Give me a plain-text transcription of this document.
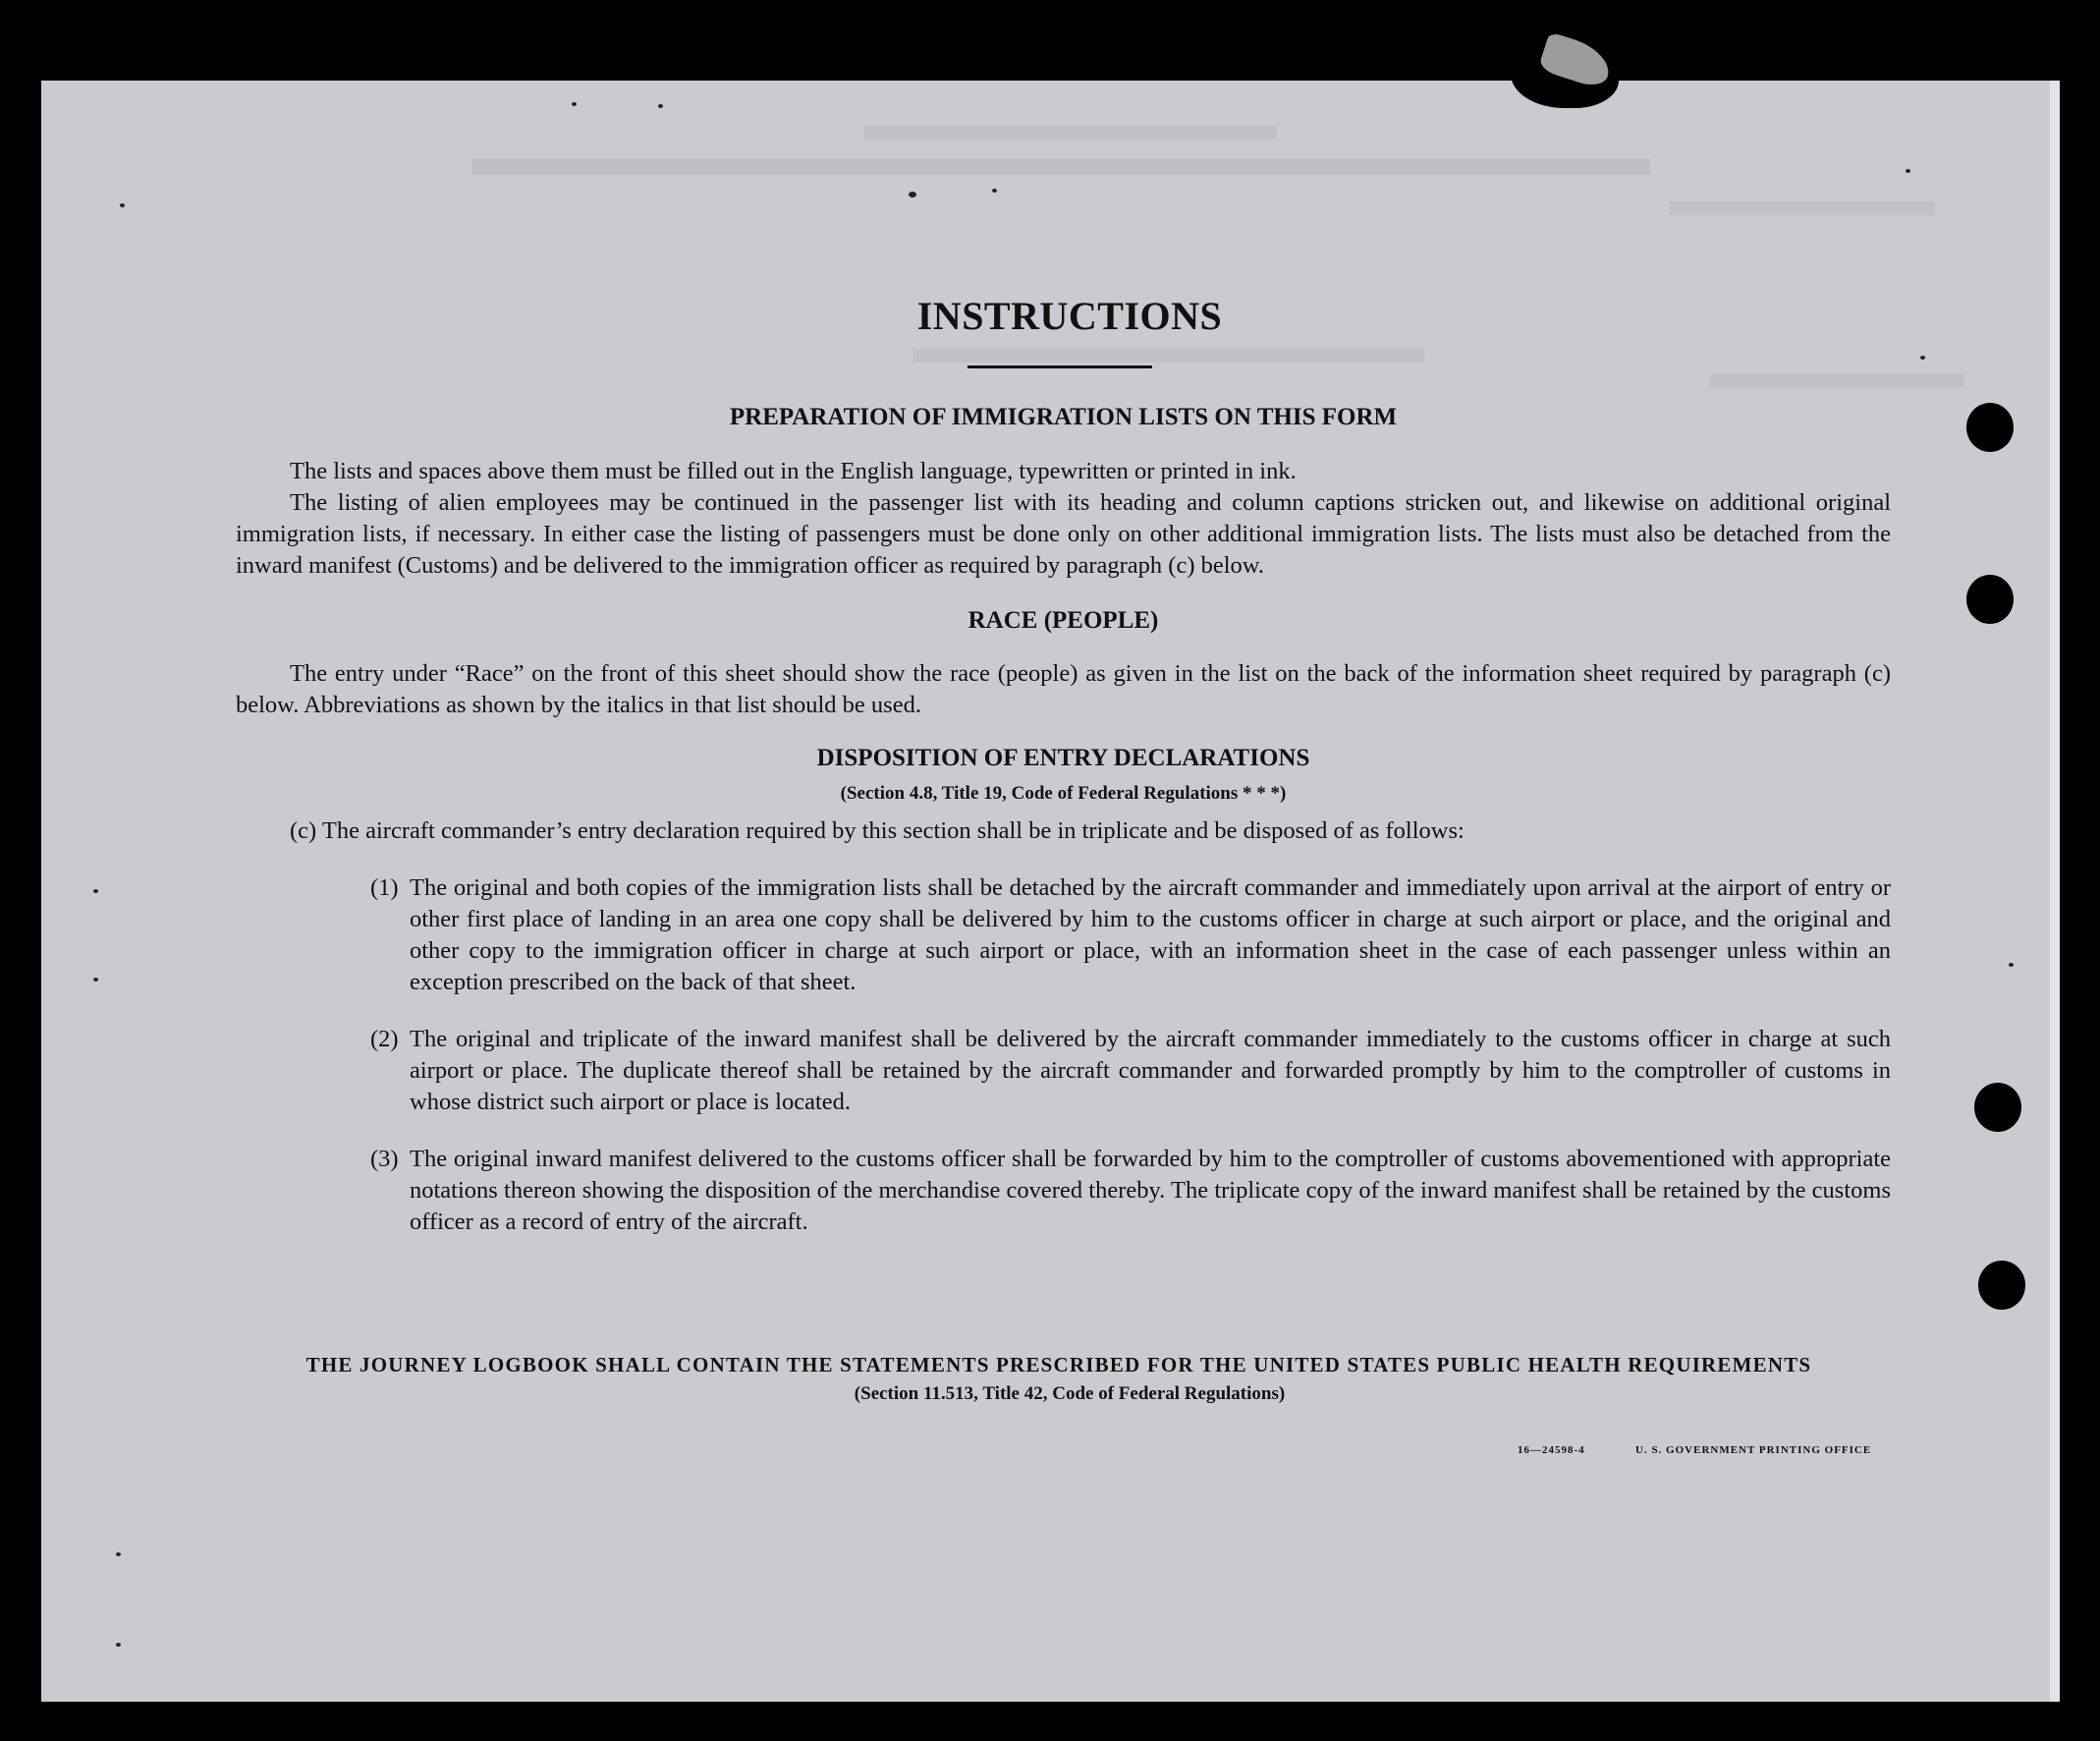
INSTRUCTIONS
PREPARATION OF IMMIGRATION LISTS ON THIS FORM

The lists and spaces above them must be filled out in the English language, typewritten or printed in ink.

The listing of alien employees may be continued in the passenger list with its heading and column captions stricken out, and likewise on additional original immigration lists, if necessary. In either case the listing of passengers must be done only on other additional immigration lists. The lists must also be detached from the inward manifest (Customs) and be delivered to the immigration officer as required by paragraph (c) below.

RACE (PEOPLE)

The entry under “Race” on the front of this sheet should show the race (people) as given in the list on the back of the information sheet required by paragraph (c) below. Abbreviations as shown by the italics in that list should be used.

DISPOSITION OF ENTRY DECLARATIONS
(Section 4.8, Title 19, Code of Federal Regulations * * *)

(c) The aircraft commander’s entry declaration required by this section shall be in triplicate and be disposed of as follows:

(1) The original and both copies of the immigration lists shall be detached by the aircraft commander and immediately upon arrival at the airport of entry or other first place of landing in an area one copy shall be delivered by him to the customs officer in charge at such airport or place, and the original and other copy to the immigration officer in charge at such airport or place, with an information sheet in the case of each passenger unless within an exception prescribed on the back of that sheet.

(2) The original and triplicate of the inward manifest shall be delivered by the aircraft commander immediately to the customs officer in charge at such airport or place. The duplicate thereof shall be retained by the aircraft commander and forwarded promptly by him to the comptroller of customs in whose district such airport or place is located.

(3) The original inward manifest delivered to the customs officer shall be forwarded by him to the comptroller of customs abovementioned with appropriate notations thereon showing the disposition of the merchandise covered thereby. The triplicate copy of the inward manifest shall be retained by the customs officer as a record of entry of the aircraft.

THE JOURNEY LOGBOOK SHALL CONTAIN THE STATEMENTS PRESCRIBED FOR THE UNITED STATES PUBLIC HEALTH REQUIREMENTS
(Section 11.513, Title 42, Code of Federal Regulations)
16—24598-4	U. S. GOVERNMENT PRINTING OFFICE
